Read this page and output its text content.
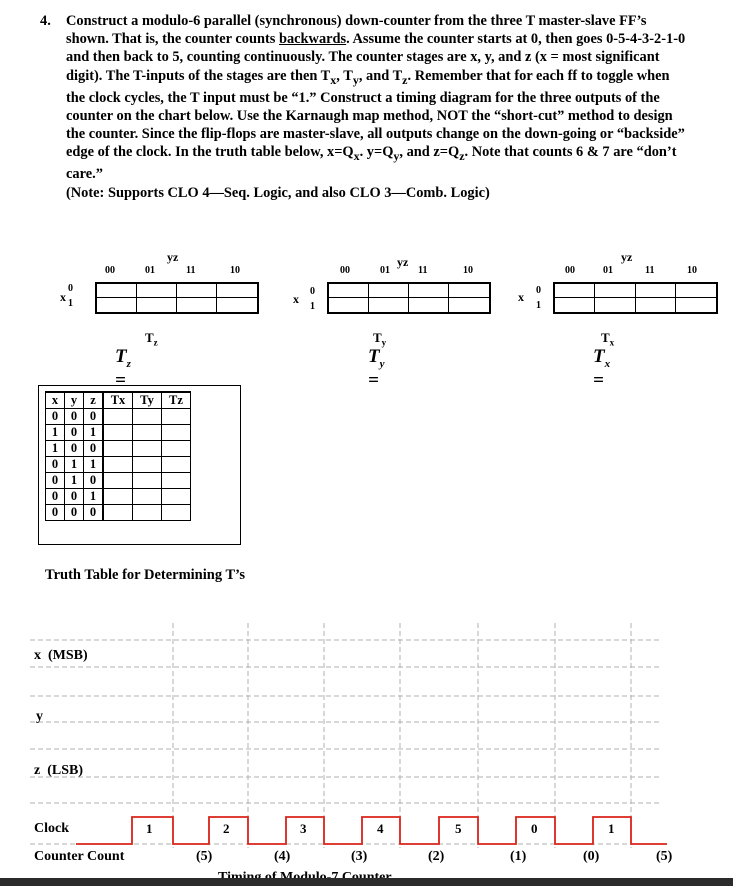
4. Construct a modulo-6 parallel (synchronous) down-counter from the three T master-slave FF’s shown. That is, the counter counts backwards. Assume the counter starts at 0, then goes 0-5-4-3-2-1-0 and then back to 5, counting continuously. The counter stages are x, y, and z (x = most significant digit). The T-inputs of the stages are then $T_x$, $T_y$, and $T_z$. Remember that for each ff to toggle when the clock cycles, the T input must be “1.” Construct a timing diagram for the three outputs of the counter on the chart below. Use the Karnaugh map method, NOT the “short-cut” method to design the counter. Since the flip-flops are master-slave, all outputs change on the down-going or “backside” edge of the clock. In the truth table below, $x=Q_x$. $y=Q_y$, and $z=Q_z$. Note that counts 6 & 7 are “don’t care.”

(Note: Supports CLO 4—Seq. Logic, and also CLO 3—Comb. Logic)

yz
00	01	11	10
x
0
1
$T_z$
$T_z$ =
yz
00	01	11	10
x
0
1
$T_y$
$T_y$ =
yz
00	01	11	10
x 0
1
$T_x$
$T_x$ =
x	y	z	Tx	Ty	Tz
0	0	0			
1	0	1			
1	0	0			
0	1	1			
0	1	0			
0	0	1			
0	0	0			
Truth Table for Determining T’s
1	2	3	4	5	0	1
x  (MSB)
y
z  (LSB)
Clock
Counter Count	(5)	(4)	(3)	(2)	(1)	(0)	(5)
